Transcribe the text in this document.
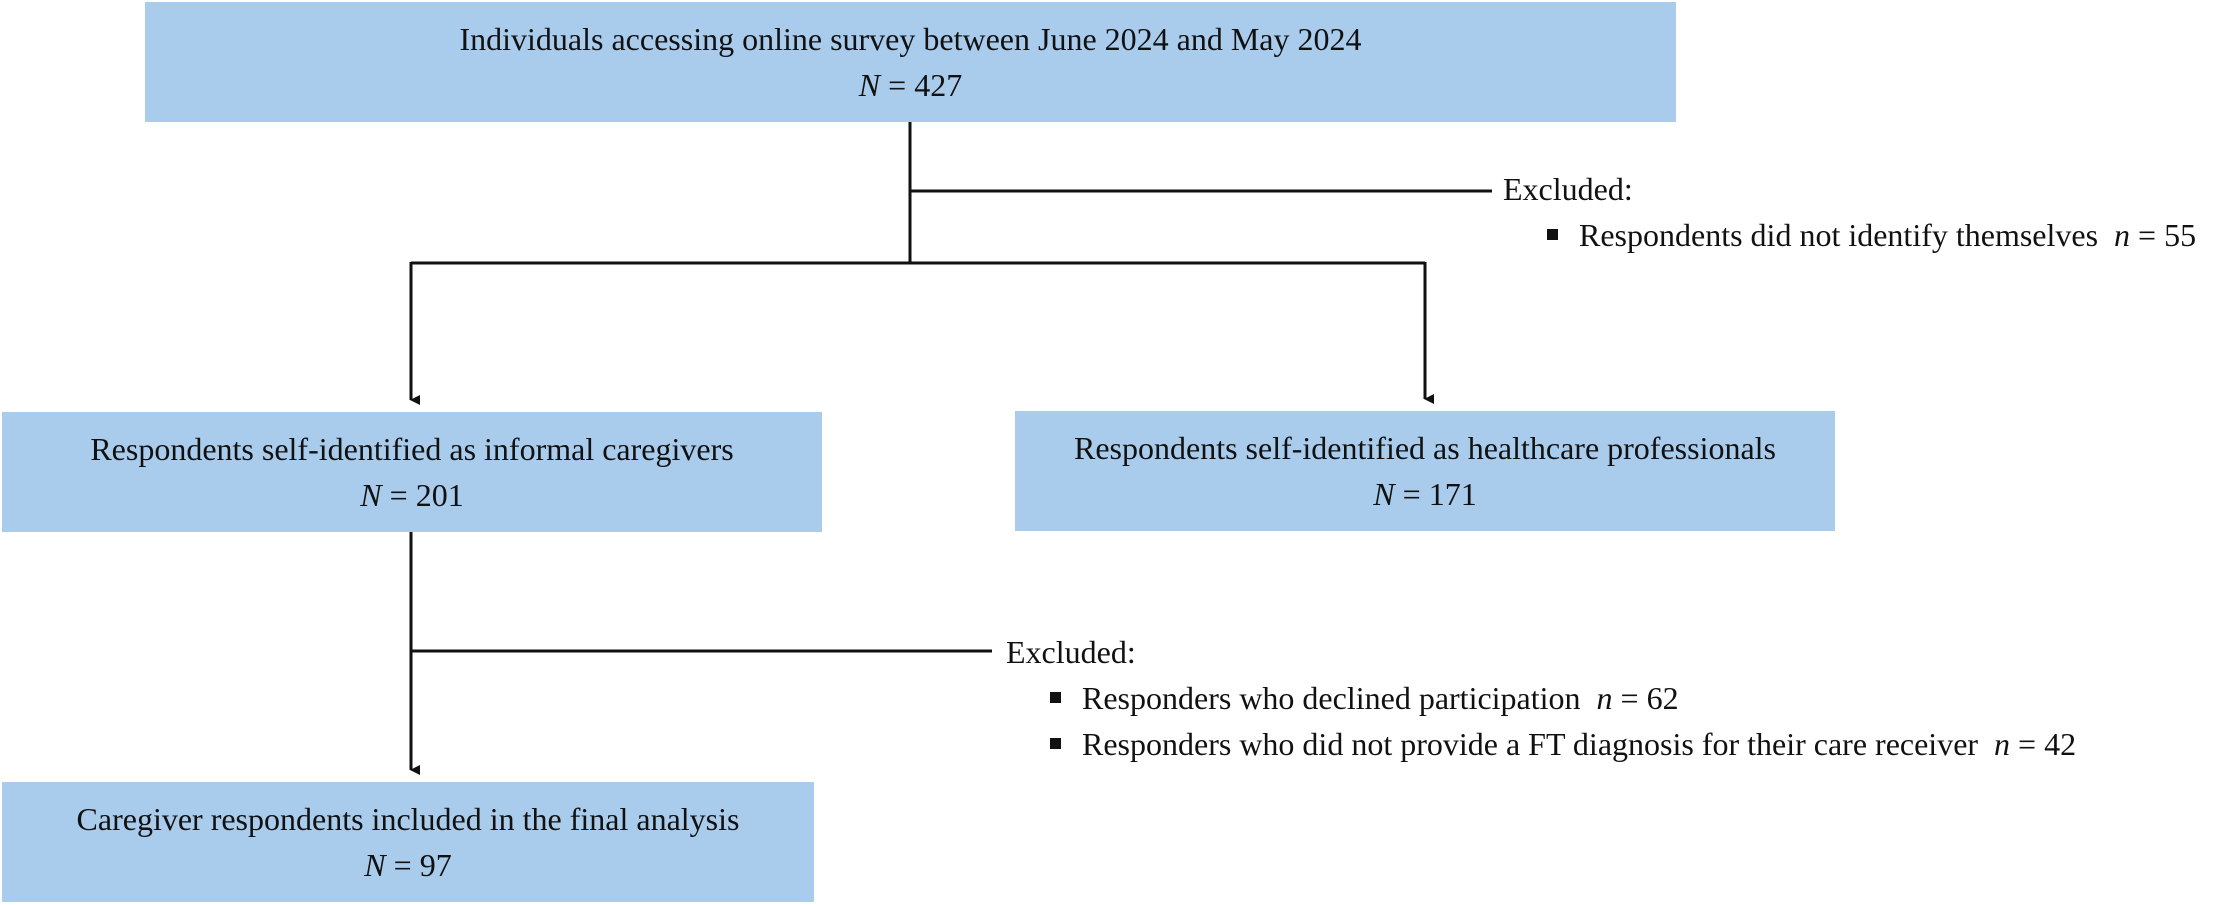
Individuals accessing online survey between June 2024 and May 2024
N = 427
Excluded:
Respondents did not identify themselves n = 55
Respondents self-identified as informal caregivers
N = 201
Respondents self-identified as healthcare professionals
N = 171
Excluded:
Responders who declined participation n = 62
Responders who did not provide a FT diagnosis for their care receiver n = 42
Caregiver respondents included in the final analysis
N = 97
